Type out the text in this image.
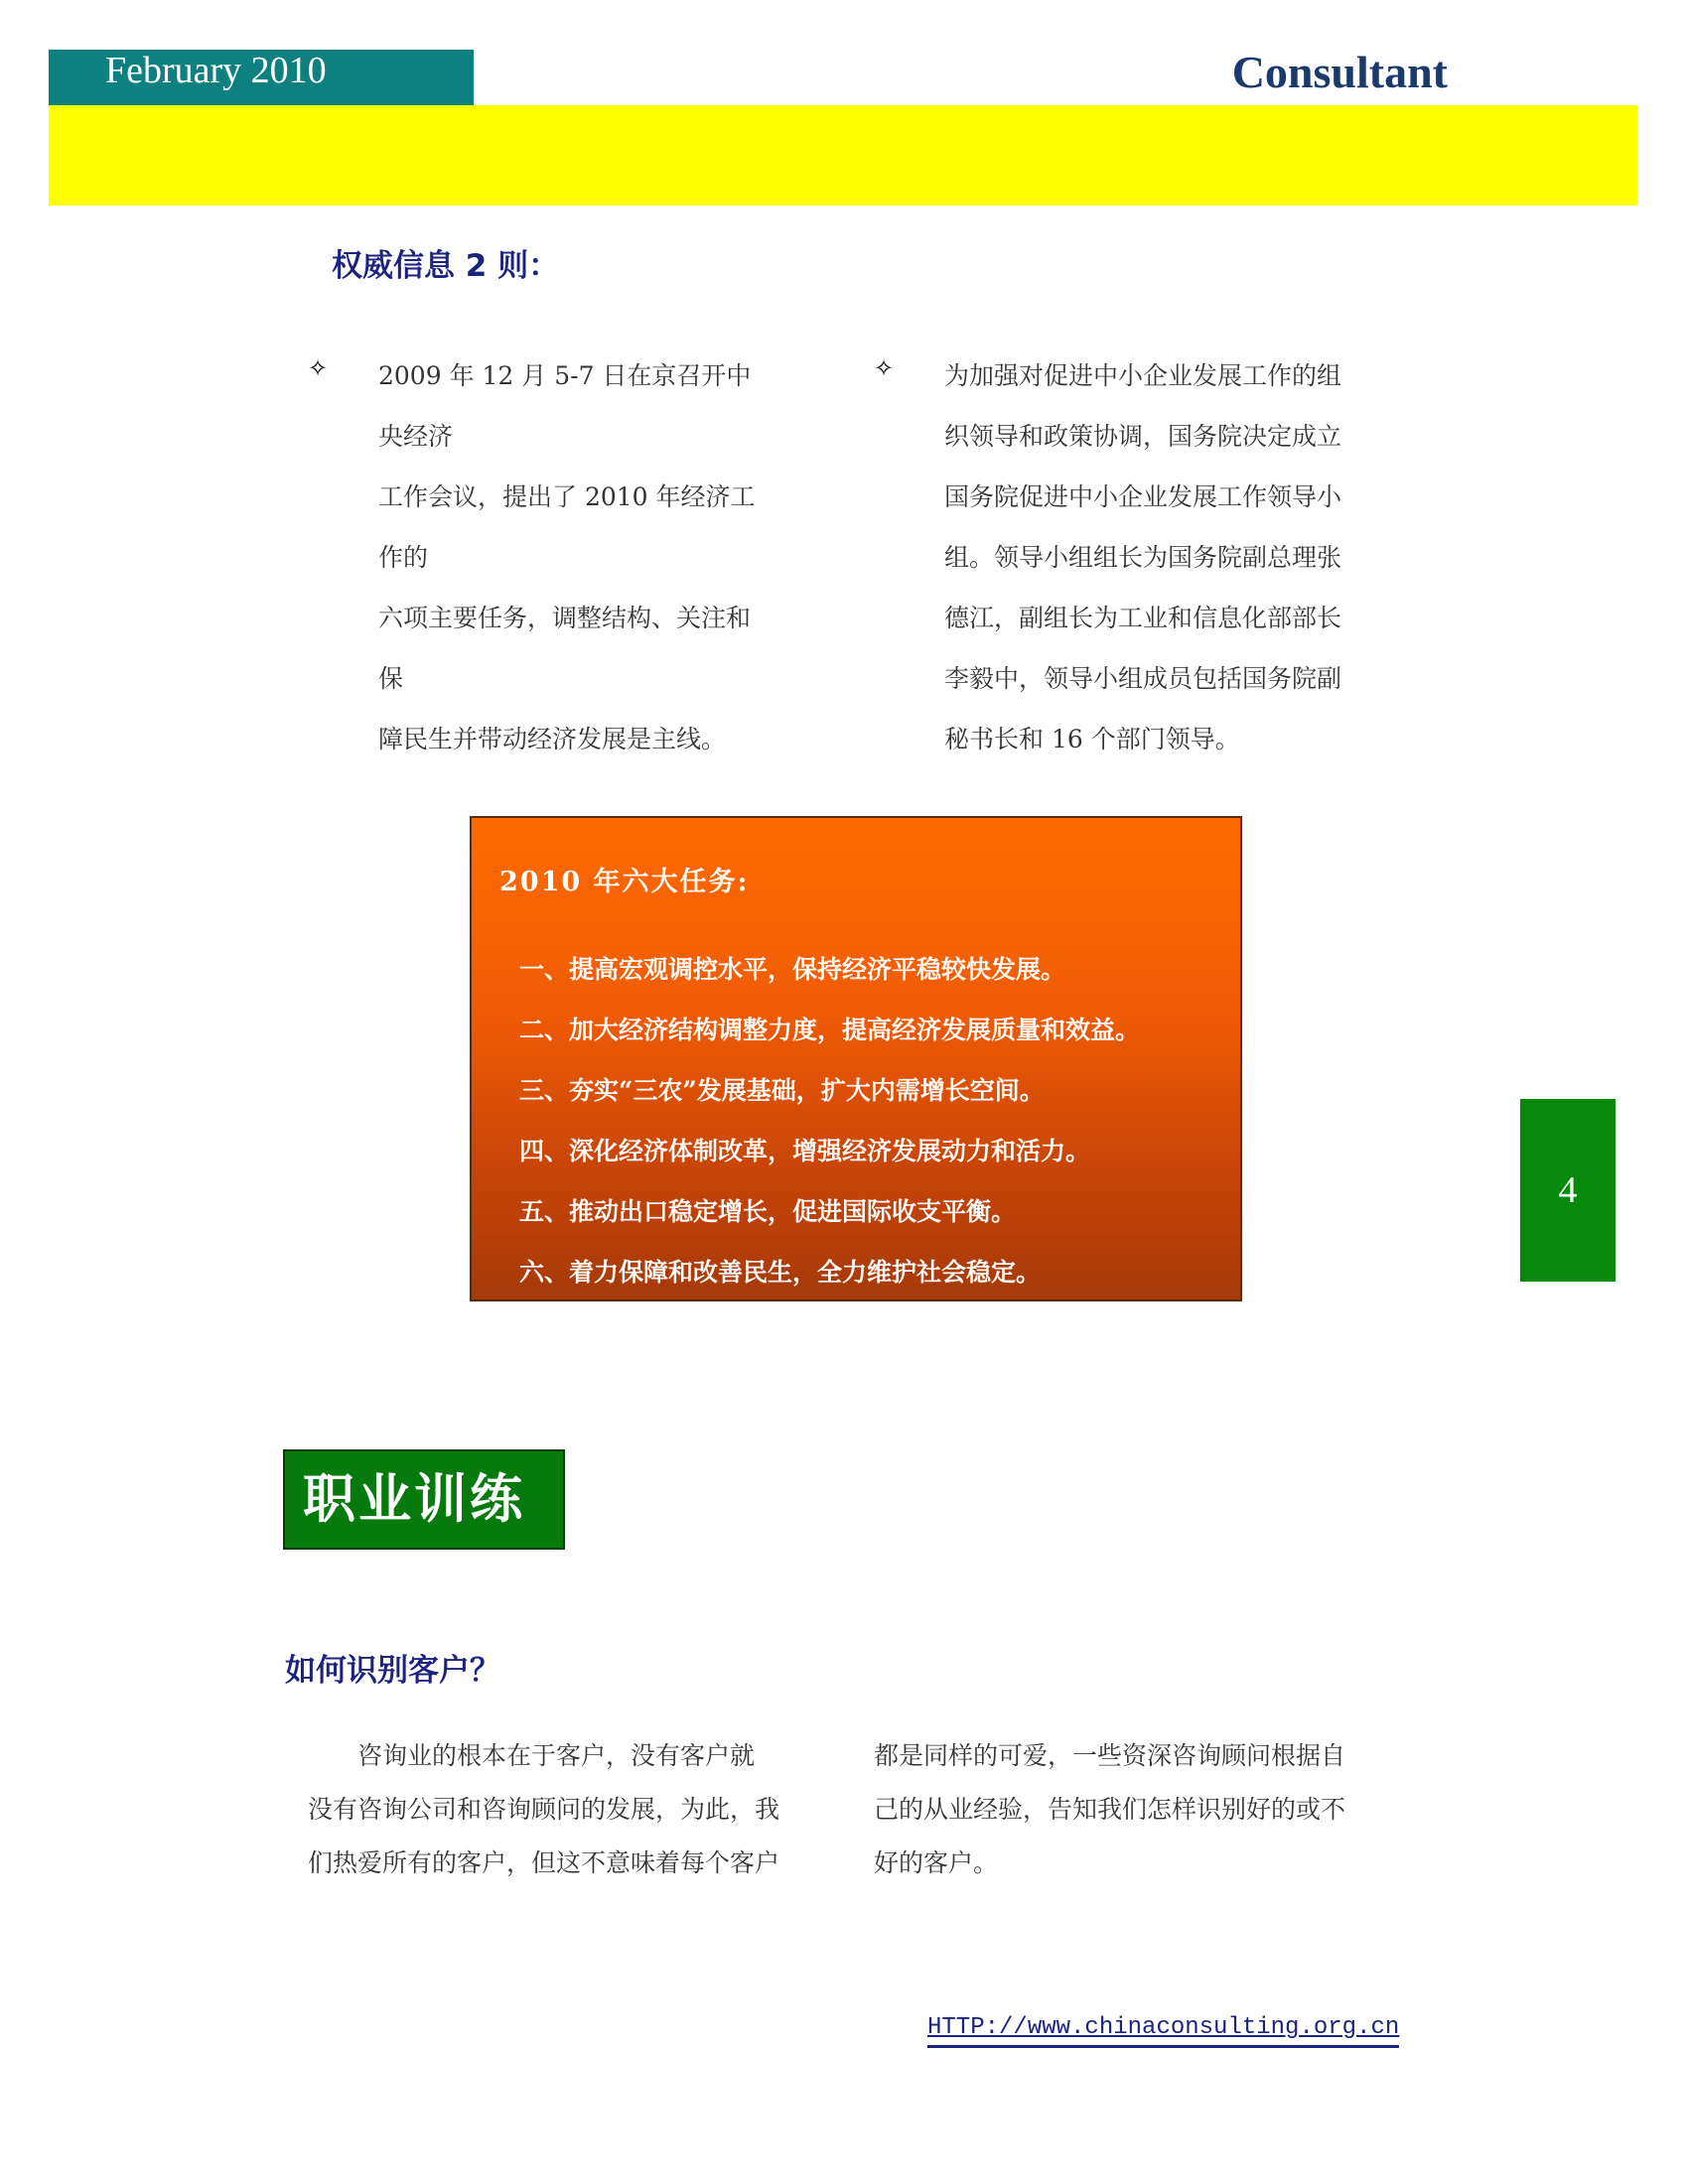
February 2010	Consultant
权威信息 2 则：
✧ 2009 年 12 月 5-7 日在京召开中央经济
工作会议，提出了 2010 年经济工作的
六项主要任务，调整结构、关注和保
障民生并带动经济发展是主线。

✧ 为加强对促进中小企业发展工作的组
织领导和政策协调，国务院决定成立
国务院促进中小企业发展工作领导小
组。领导小组组长为国务院副总理张
德江，副组长为工业和信息化部部长
李毅中，领导小组成员包括国务院副
秘书长和 16 个部门领导。

2010 年六大任务:
一、提高宏观调控水平，保持经济平稳较快发展。
二、加大经济结构调整力度，提高经济发展质量和效益。
三、夯实“三农”发展基础，扩大内需增长空间。
四、深化经济体制改革，增强经济发展动力和活力。
五、推动出口稳定增长，促进国际收支平衡。
六、着力保障和改善民生，全力维护社会稳定。
4
职业训练
如何识别客户？

咨询业的根本在于客户，没有客户就
没有咨询公司和咨询顾问的发展，为此，我
们热爱所有的客户，但这不意味着每个客户

都是同样的可爱，一些资深咨询顾问根据自
己的从业经验，告知我们怎样识别好的或不
好的客户。

HTTP://www.chinaconsulting.org.cn
